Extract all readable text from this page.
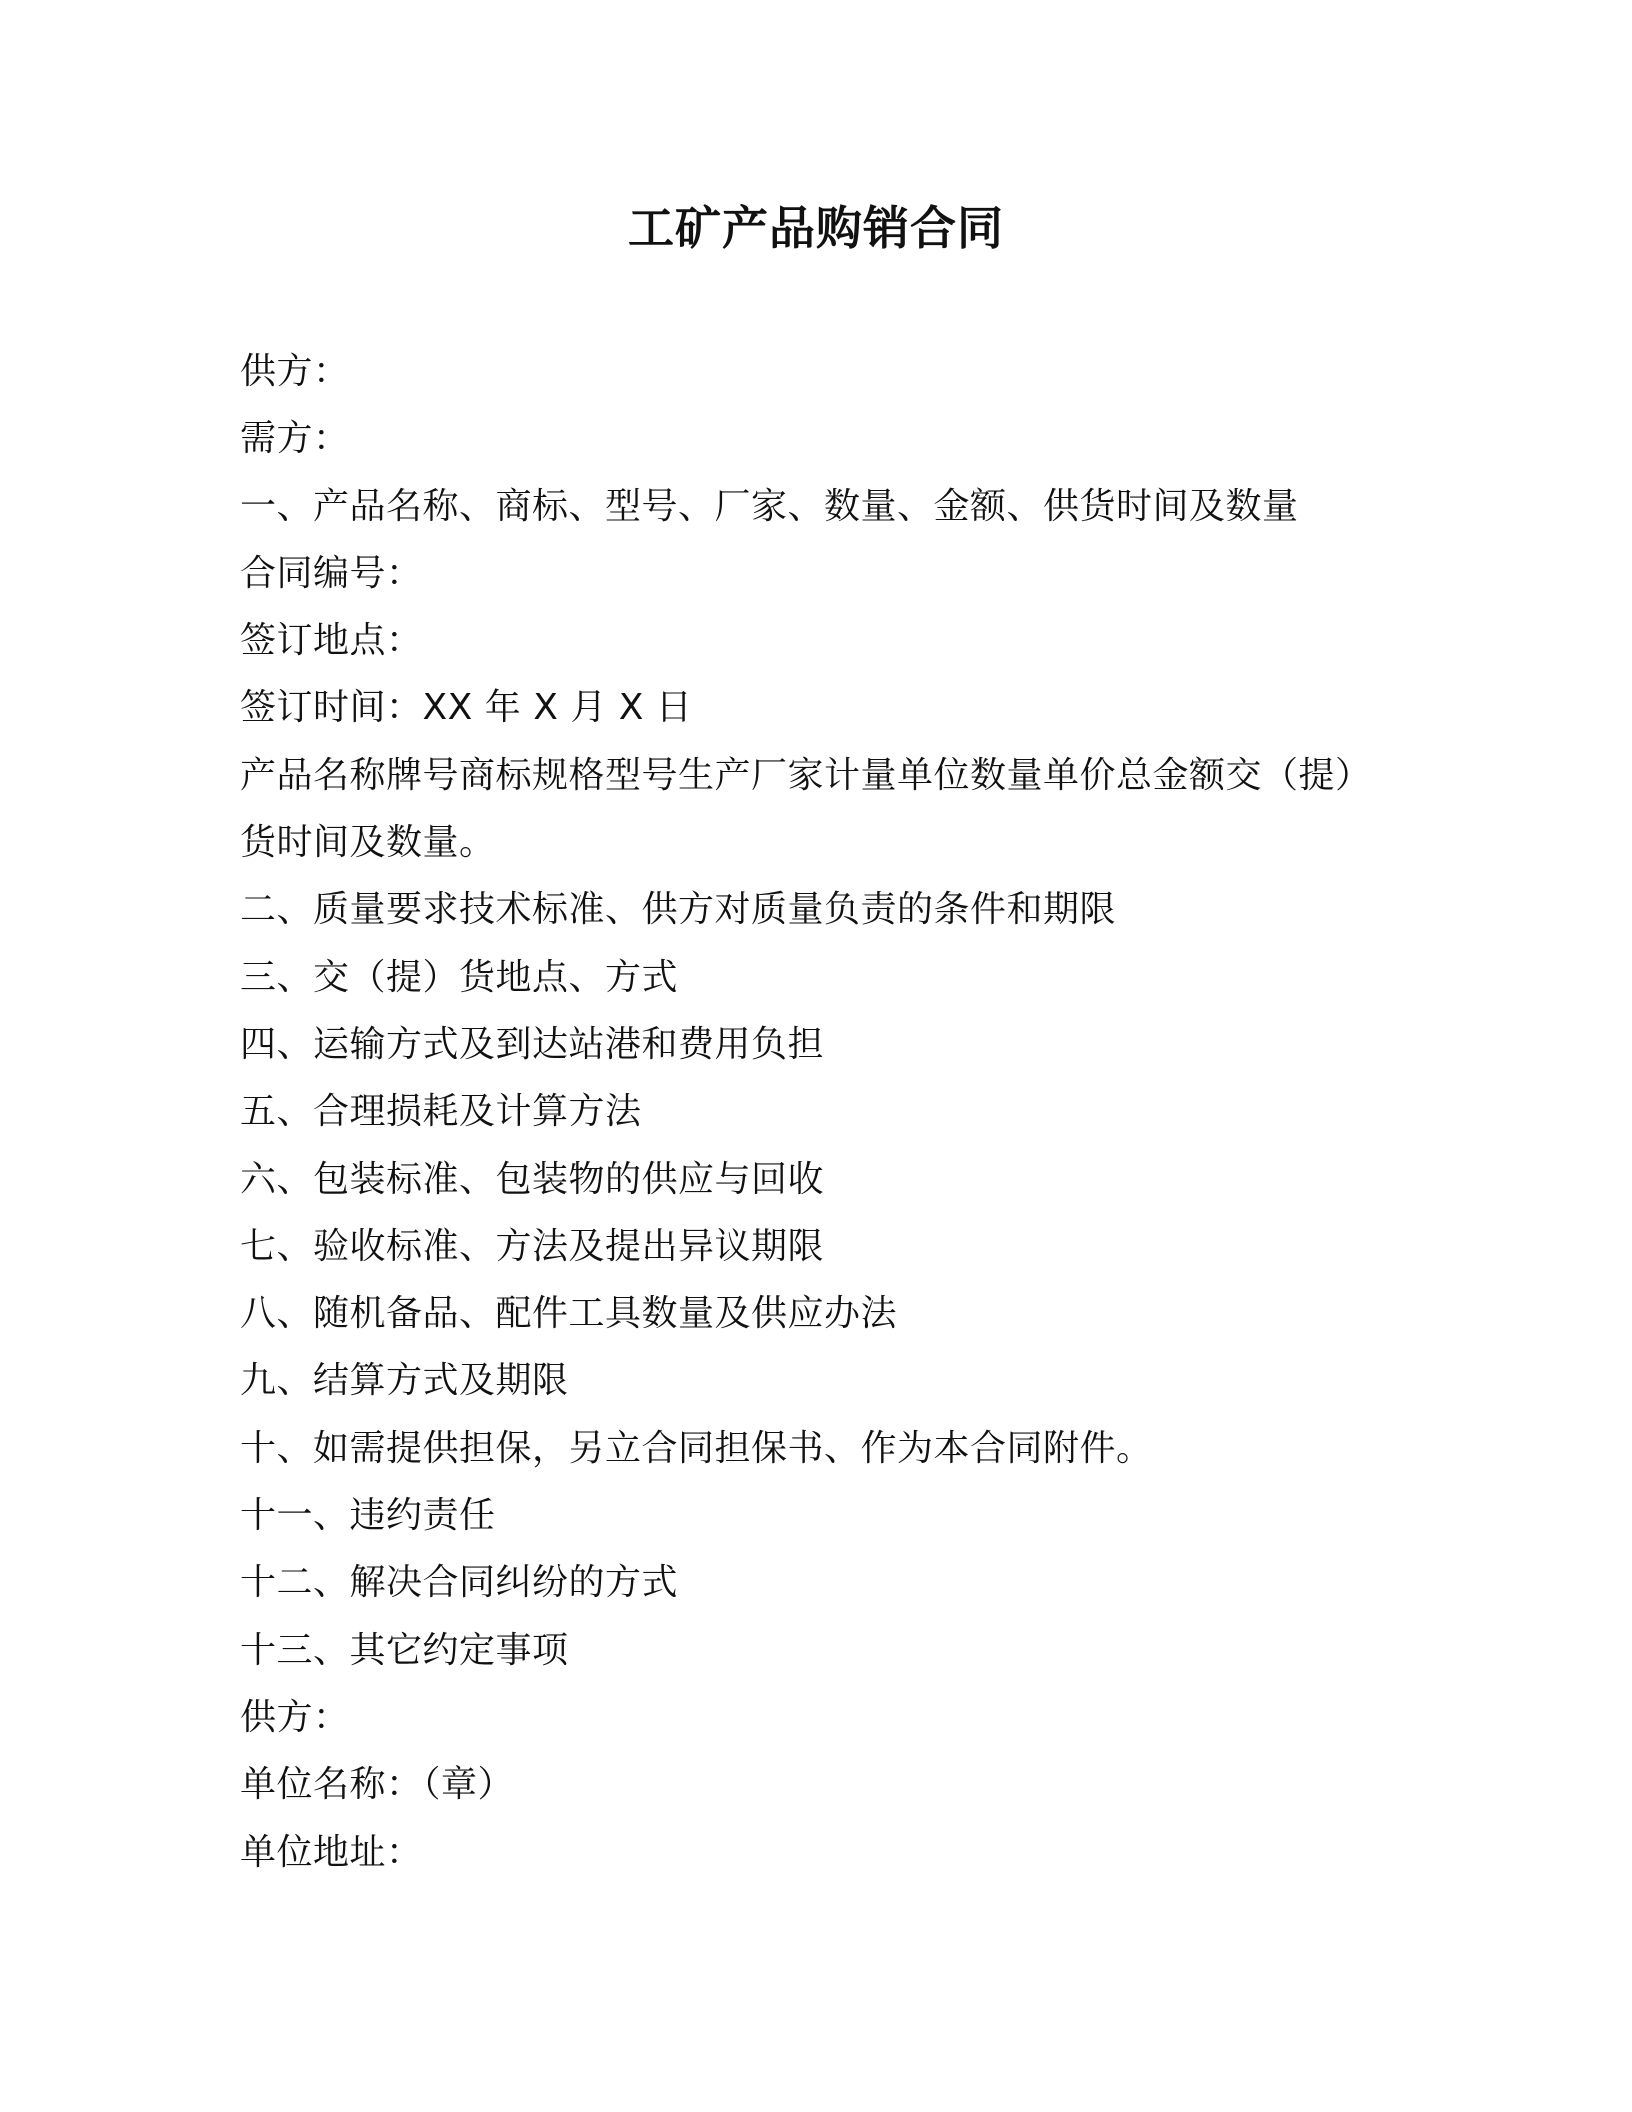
工矿产品购销合同
供方：
需方：
一、产品名称、商标、型号、厂家、数量、金额、供货时间及数量
合同编号：
签订地点：
签订时间：XX 年 X 月 X 日
产品名称牌号商标规格型号生产厂家计量单位数量单价总金额交（提）
货时间及数量。
二、质量要求技术标准、供方对质量负责的条件和期限
三、交（提）货地点、方式
四、运输方式及到达站港和费用负担
五、合理损耗及计算方法
六、包装标准、包装物的供应与回收
七、验收标准、方法及提出异议期限
八、随机备品、配件工具数量及供应办法
九、结算方式及期限
十、如需提供担保，另立合同担保书、作为本合同附件。
十一、违约责任
十二、解决合同纠纷的方式
十三、其它约定事项
供方：
单位名称：（章）
单位地址：
